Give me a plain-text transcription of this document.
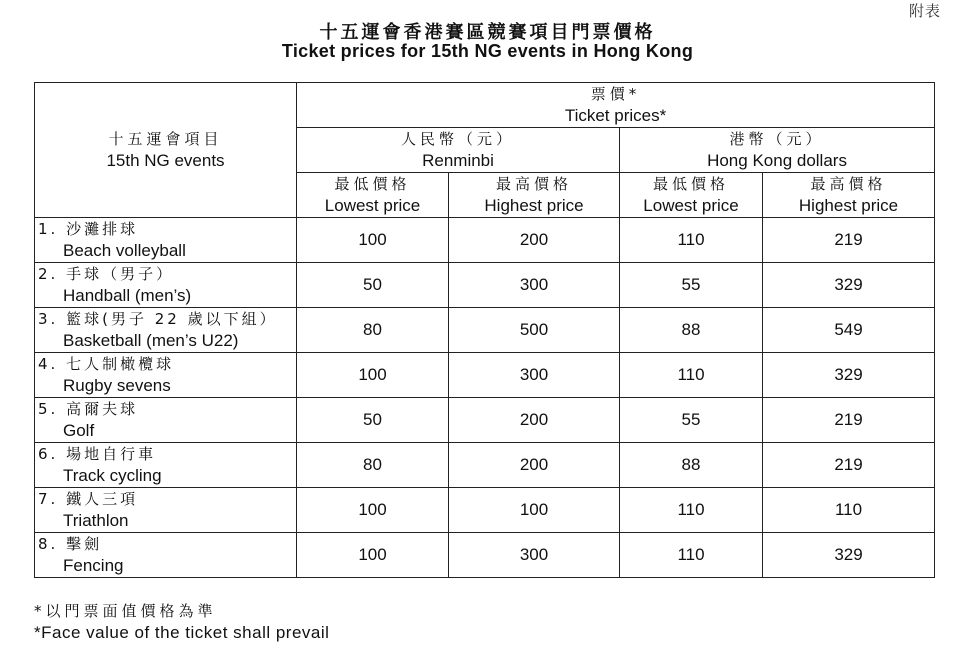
附表
十五運會香港賽區競賽項目門票價格
Ticket prices for 15th NG events in Hong Kong
十五運會項目
15th NG events	票價*
Ticket prices*			

	人民幣（元）
Renminbi		港幣（元）
Hong Kong dollars	

	最低價格
Lowest price	最高價格
Highest price	最低價格
Lowest price	最高價格
Highest price

1. 沙灘排球
Beach volleyball	100	200	110	219

2. 手球（男子）
Handball (men’s)	50	300	55	329

3. 籃球(男子 22 歲以下組）
Basketball (men’s U22)	80	500	88	549

4. 七人制橄欖球
Rugby sevens	100	300	110	329

5. 高爾夫球
Golf	50	200	55	219

6. 場地自行車
Track cycling	80	200	88	219

7. 鐵人三項
Triathlon	100	100	110	110

8. 擊劍
Fencing	100	300	110	329
*以門票面值價格為準
*Face value of the ticket shall prevail
